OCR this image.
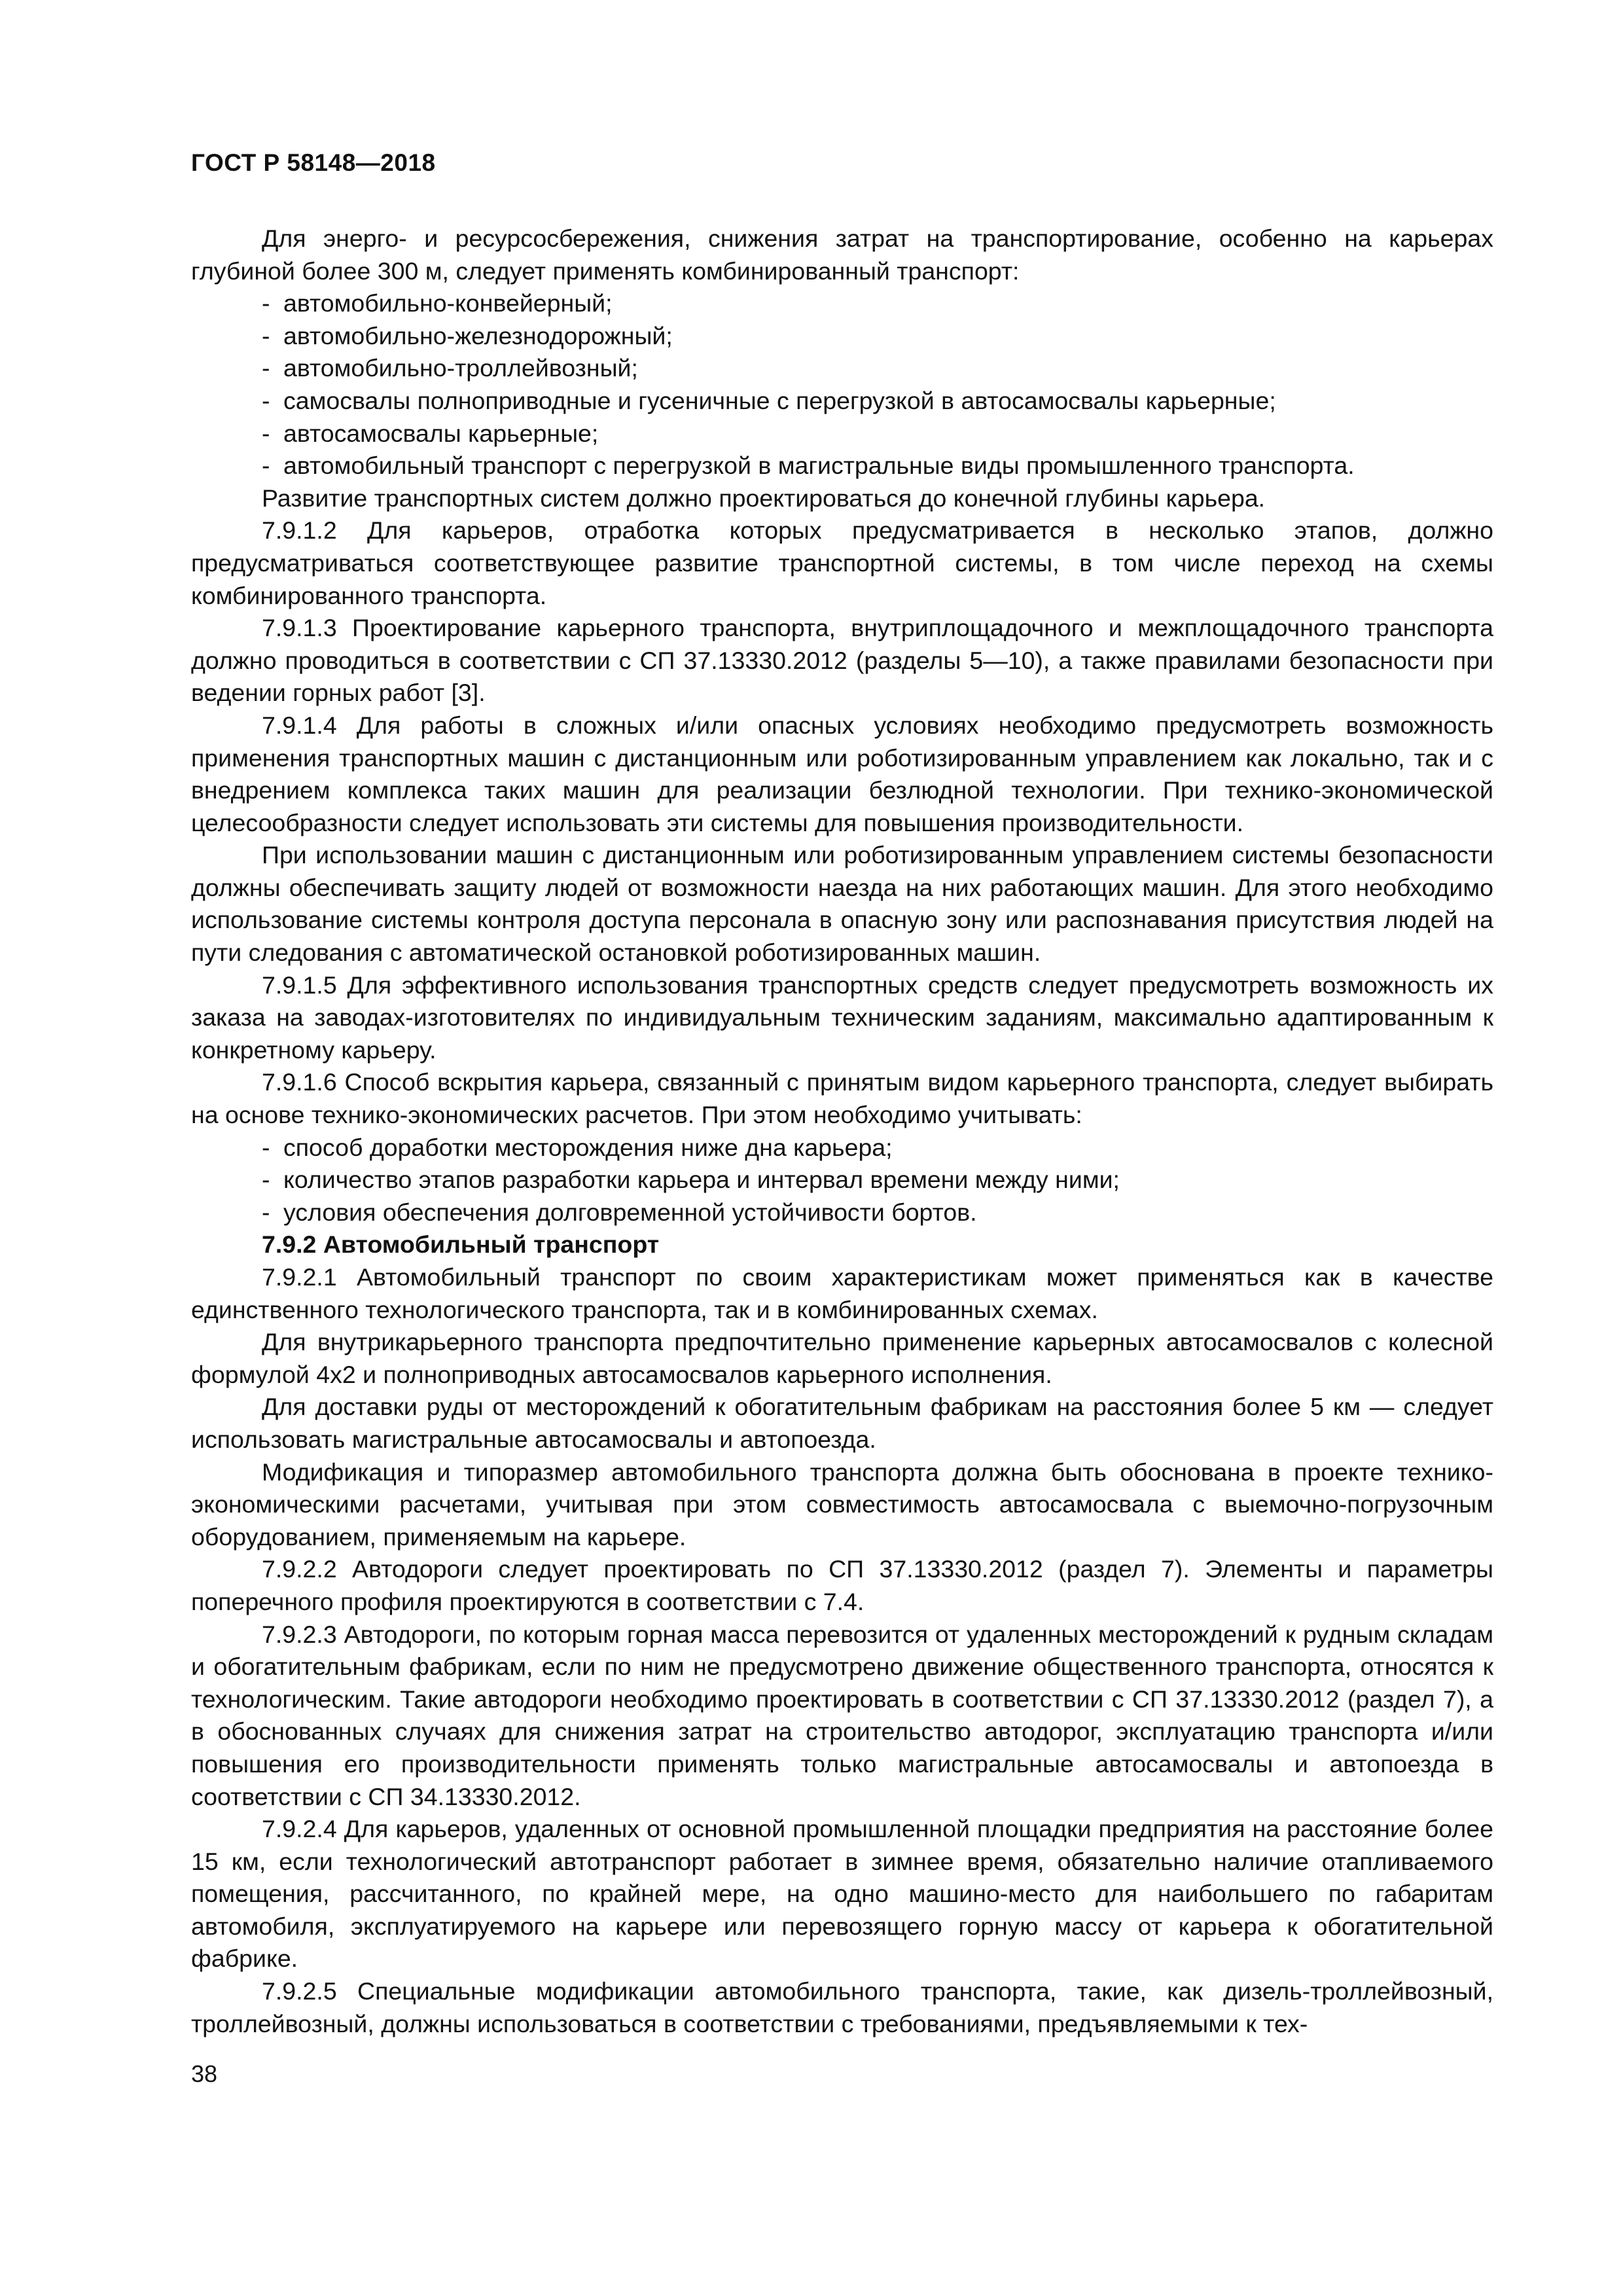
ГОСТ Р 58148—2018

Для энерго- и ресурсосбережения, снижения затрат на транспортирование, особенно на карьерах глубиной более 300 м, следует применять комбинированный транспорт:

- автомобильно-конвейерный;

- автомобильно-железнодорожный;

- автомобильно-троллейвозный;

- самосвалы полноприводные и гусеничные с перегрузкой в автосамосвалы карьерные;

- автосамосвалы карьерные;

- автомобильный транспорт с перегрузкой в магистральные виды промышленного транспорта.

Развитие транспортных систем должно проектироваться до конечной глубины карьера.

7.9.1.2 Для карьеров, отработка которых предусматривается в несколько этапов, должно предусматриваться соответствующее развитие транспортной системы, в том числе переход на схемы комбинированного транспорта.

7.9.1.3 Проектирование карьерного транспорта, внутриплощадочного и межплощадочного транспорта должно проводиться в соответствии с СП 37.13330.2012 (разделы 5—10), а также правилами безопасности при ведении горных работ [3].

7.9.1.4 Для работы в сложных и/или опасных условиях необходимо предусмотреть возможность применения транспортных машин с дистанционным или роботизированным управлением как локально, так и с внедрением комплекса таких машин для реализации безлюдной технологии. При технико-экономической целесообразности следует использовать эти системы для повышения производительности.

При использовании машин с дистанционным или роботизированным управлением системы безопасности должны обеспечивать защиту людей от возможности наезда на них работающих машин. Для этого необходимо использование системы контроля доступа персонала в опасную зону или распознавания присутствия людей на пути следования с автоматической остановкой роботизированных машин.

7.9.1.5 Для эффективного использования транспортных средств следует предусмотреть возможность их заказа на заводах-изготовителях по индивидуальным техническим заданиям, максимально адаптированным к конкретному карьеру.

7.9.1.6 Способ вскрытия карьера, связанный с принятым видом карьерного транспорта, следует выбирать на основе технико-экономических расчетов. При этом необходимо учитывать:

- способ доработки месторождения ниже дна карьера;

- количество этапов разработки карьера и интервал времени между ними;

- условия обеспечения долговременной устойчивости бортов.

7.9.2 Автомобильный транспорт

7.9.2.1 Автомобильный транспорт по своим характеристикам может применяться как в качестве единственного технологического транспорта, так и в комбинированных схемах.

Для внутрикарьерного транспорта предпочтительно применение карьерных автосамосвалов с колесной формулой 4х2 и полноприводных автосамосвалов карьерного исполнения.

Для доставки руды от месторождений к обогатительным фабрикам на расстояния более 5 км — следует использовать магистральные автосамосвалы и автопоезда.

Модификация и типоразмер автомобильного транспорта должна быть обоснована в проекте технико-экономическими расчетами, учитывая при этом совместимость автосамосвала с выемочно-погрузочным оборудованием, применяемым на карьере.

7.9.2.2 Автодороги следует проектировать по СП 37.13330.2012 (раздел 7). Элементы и параметры поперечного профиля проектируются в соответствии с 7.4.

7.9.2.3 Автодороги, по которым горная масса перевозится от удаленных месторождений к рудным складам и обогатительным фабрикам, если по ним не предусмотрено движение общественного транспорта, относятся к технологическим. Такие автодороги необходимо проектировать в соответствии с СП 37.13330.2012 (раздел 7), а в обоснованных случаях для снижения затрат на строительство автодорог, эксплуатацию транспорта и/или повышения его производительности применять только магистральные автосамосвалы и автопоезда в соответствии с СП 34.13330.2012.

7.9.2.4 Для карьеров, удаленных от основной промышленной площадки предприятия на расстояние более 15 км, если технологический автотранспорт работает в зимнее время, обязательно наличие отапливаемого помещения, рассчитанного, по крайней мере, на одно машино-место для наибольшего по габаритам автомобиля, эксплуатируемого на карьере или перевозящего горную массу от карьера к обогатительной фабрике.

7.9.2.5 Специальные модификации автомобильного транспорта, такие, как дизель-троллейвозный, троллейвозный, должны использоваться в соответствии с требованиями, предъявляемыми к тех-

38
